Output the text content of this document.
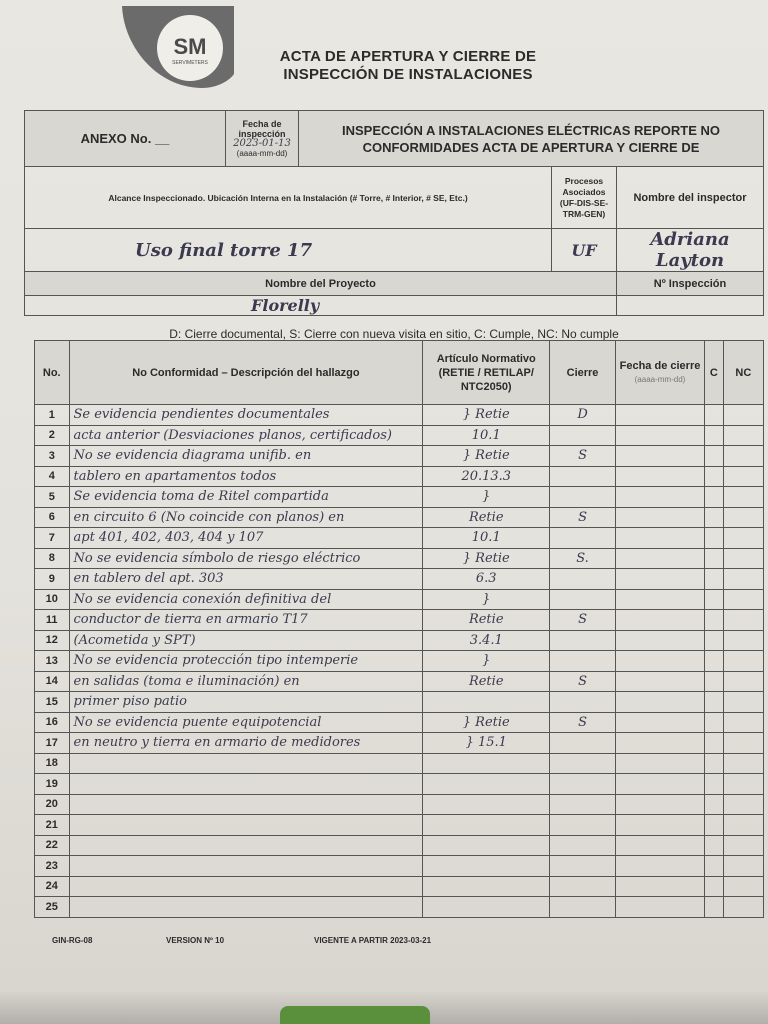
SM
SERVIMETERS	ACTA DE APERTURA Y CIERRE DE
INSPECCIÓN DE INSTALACIONES
ANEXO No. __	Fecha de inspección
2023-01-13
(aaaa-mm-dd)	INSPECCIÓN A INSTALACIONES ELÉCTRICAS REPORTE NO CONFORMIDADES ACTA DE APERTURA Y CIERRE DE		
Alcance Inspeccionado. Ubicación Interna en la Instalación (# Torre, # Interior, # SE, Etc.)			Procesos Asociados (UF-DIS-SE-TRM-GEN)	Nombre del inspector
Uso final torre 17			UF	Adriana Layton
Nombre del Proyecto				Nº Inspección
Florelly				
D: Cierre documental, S: Cierre con nueva visita en sitio, C: Cumple, NC: No cumple
No.	No Conformidad – Descripción del hallazgo	Artículo Normativo (RETIE / RETILAP/ NTC2050)	Cierre	Fecha de cierre
(aaaa-mm-dd)	C	NC
1	Se evidencia pendientes documentales	} Retie	D			
2	acta anterior (Desviaciones planos, certificados)	10.1				
3	No se evidencia diagrama unifib. en	} Retie	S			
4	tablero en apartamentos todos	20.13.3				
5	Se evidencia toma de Ritel compartida	}				
6	en circuito 6 (No coincide con planos) en	Retie	S			
7	apt 401, 402, 403, 404 y 107	10.1				
8	No se evidencia símbolo de riesgo eléctrico	} Retie	S.			
9	en tablero del apt. 303	6.3				
10	No se evidencia conexión definitiva del	}				
11	conductor de tierra en armario T17	Retie	S			
12	(Acometida y SPT)	3.4.1				
13	No se evidencia protección tipo intemperie	}				
14	en salidas (toma e iluminación) en	Retie	S			
15	primer piso patio					
16	No se evidencia puente equipotencial	} Retie	S			
17	en neutro y tierra en armario de medidores	} 15.1				
18						
19						
20						
21						
22						
23						
24						
25						
GIN-RG-08	VERSION Nº 10	VIGENTE A PARTIR 2023-03-21
